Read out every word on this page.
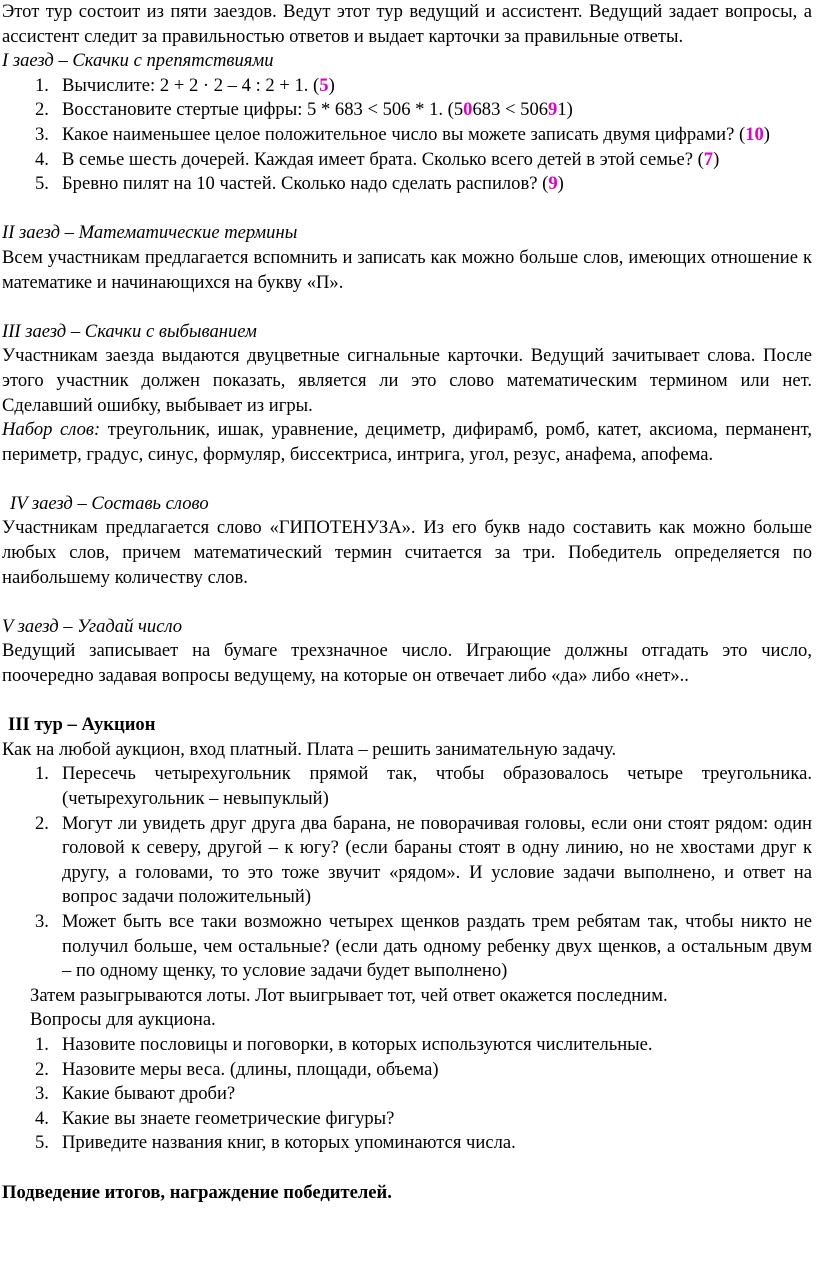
Этот тур состоит из пяти заездов. Ведут этот тур ведущий и ассистент. Ведущий задает вопросы, а ассистент следит за правильностью ответов и выдает карточки за правильные ответы.

I заезд – Скачки с препятствиями

1. Вычислите: 2 + 2 · 2 – 4 : 2 + 1. (5)
2. Восстановите стертые цифры: 5 * 683 < 506 * 1. (50683 < 50691)
3. Какое наименьшее целое положительное число вы можете записать двумя цифрами? (10)
4. В семье шесть дочерей. Каждая имеет брата. Сколько всего детей в этой семье? (7)
5. Бревно пилят на 10 частей. Сколько надо сделать распилов? (9)

II заезд – Математические термины

Всем участникам предлагается вспомнить и записать как можно больше слов, имеющих отношение к математике и начинающихся на букву «П».

III заезд – Скачки с выбыванием

Участникам заезда выдаются двуцветные сигнальные карточки. Ведущий зачитывает слова. После этого участник должен показать, является ли это слово математическим термином или нет. Сделавший ошибку, выбывает из игры.

Набор слов: треугольник, ишак, уравнение, дециметр, дифирамб, ромб, катет, аксиома, перманент, периметр, градус, синус, формуляр, биссектриса, интрига, угол, резус, анафема, апофема.

IV заезд – Составь слово

Участникам предлагается слово «ГИПОТЕНУЗА». Из его букв надо составить как можно больше любых слов, причем математический термин считается за три. Победитель определяется по наибольшему количеству слов.

V заезд – Угадай число

Ведущий записывает на бумаге трехзначное число. Играющие должны отгадать это число, поочередно задавая вопросы ведущему, на которые он отвечает либо «да» либо «нет»..

III тур – Аукцион

Как на любой аукцион, вход платный. Плата – решить занимательную задачу.

1. Пересечь четырехугольник прямой так, чтобы образовалось четыре треугольника. (четырехугольник – невыпуклый)
2. Могут ли увидеть друг друга два барана, не поворачивая головы, если они стоят рядом: один головой к северу, другой – к югу? (если бараны стоят в одну линию, но не хвостами друг к другу, а головами, то это тоже звучит «рядом». И условие задачи выполнено, и ответ на вопрос задачи положительный)
3. Может быть все таки возможно четырех щенков раздать трем ребятам так, чтобы никто не получил больше, чем остальные? (если дать одному ребенку двух щенков, а остальным двум – по одному щенку, то условие задачи будет выполнено)

Затем разыгрываются лоты. Лот выигрывает тот, чей ответ окажется последним.

Вопросы для аукциона.

1. Назовите пословицы и поговорки, в которых используются числительные.
2. Назовите меры веса. (длины, площади, объема)
3. Какие бывают дроби?
4. Какие вы знаете геометрические фигуры?
5. Приведите названия книг, в которых упоминаются числа.

Подведение итогов, награждение победителей.
